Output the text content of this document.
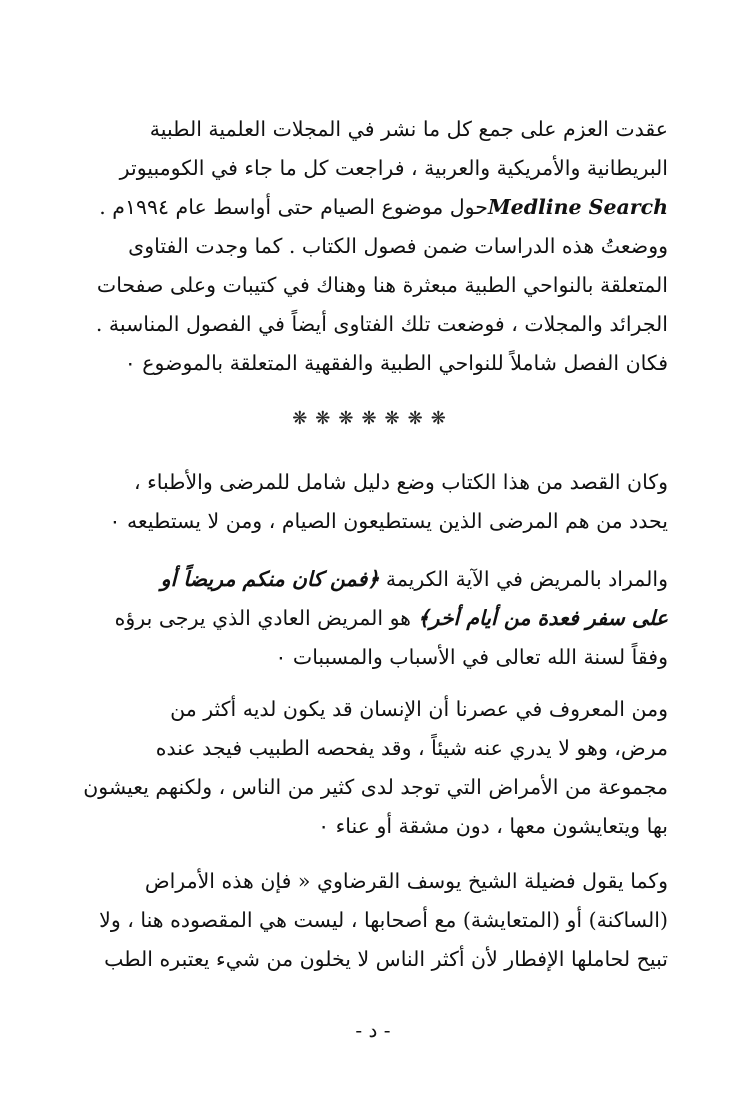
عقدت العزم على جمع كل ما نشر في المجلات العلمية الطبية
البريطانية والأمريكية والعربية ، فراجعت كل ما جاء في الكومبيوتر
Medline Searchحول موضوع الصيام حتى أواسط عام ١٩٩٤م .
ووضعتُ هذه الدراسات ضمن فصول الكتاب . كما وجدت الفتاوى
المتعلقة بالنواحي الطبية مبعثرة هنا وهناك في كتيبات وعلى صفحات
الجرائد والمجلات ، فوضعت تلك الفتاوى أيضاً في الفصول المناسبة .
فكان الفصل شاملاً للنواحي الطبية والفقهية المتعلقة بالموضوع ٠
❋❋❋❋❋❋❋
وكان القصد من هذا الكتاب وضع دليل شامل للمرضى والأطباء ،
يحدد من هم المرضى الذين يستطيعون الصيام ، ومن لا يستطيعه ٠
والمراد بالمريض في الآية الكريمة ﴿فمن كان منكم مريضاً أو
على سفر فعدة من أيام أخر﴾ هو المريض العادي الذي يرجى برؤه
وفقاً لسنة الله تعالى في الأسباب والمسببات ٠
ومن المعروف في عصرنا أن الإنسان قد يكون لديه أكثر من
مرض، وهو لا يدري عنه شيئاً ، وقد يفحصه الطبيب فيجد عنده
مجموعة من الأمراض التي توجد لدى كثير من الناس ، ولكنهم يعيشون
بها ويتعايشون معها ، دون مشقة أو عناء ٠
وكما يقول فضيلة الشيخ يوسف القرضاوي « فإن هذه الأمراض
(الساكنة) أو (المتعايشة) مع أصحابها ، ليست هي المقصوده هنا ، ولا
تبيح لحاملها الإفطار لأن أكثر الناس لا يخلون من شيء يعتبره الطب
- د -
